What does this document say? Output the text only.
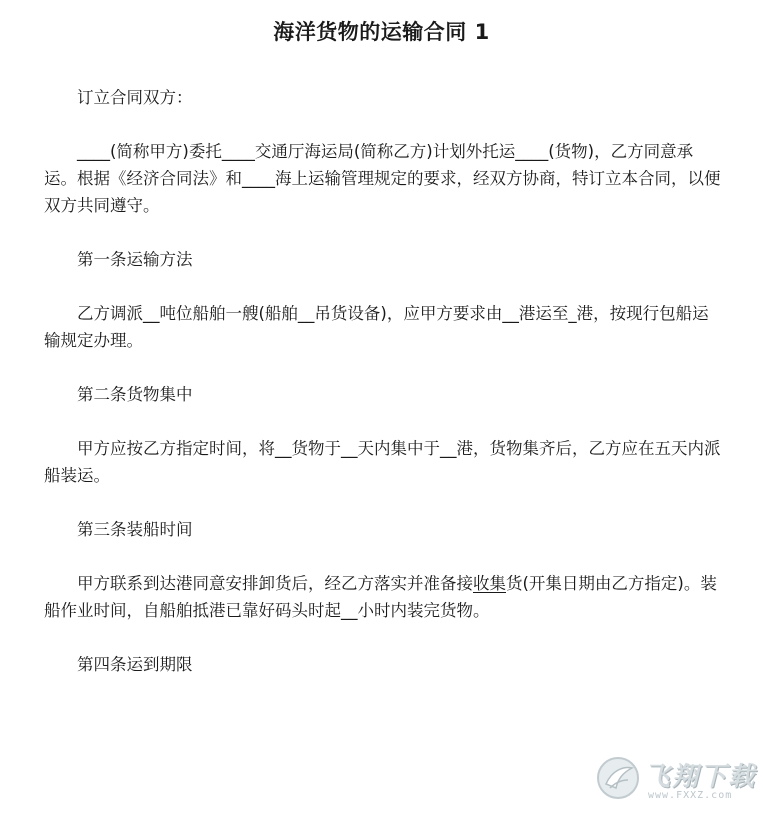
海洋货物的运输合同 1

订立合同双方：

____(简称甲方)委托____交通厅海运局(简称乙方)计划外托运____(货物)，乙方同意承运。根据《经济合同法》和____海上运输管理规定的要求，经双方协商，特订立本合同，以便双方共同遵守。

第一条运输方法

乙方调派__吨位船舶一艘(船舶__吊货设备)，应甲方要求由__港运至_港，按现行包船运输规定办理。

第二条货物集中

甲方应按乙方指定时间，将__货物于__天内集中于__港，货物集齐后，乙方应在五天内派船装运。

第三条装船时间

甲方联系到达港同意安排卸货后，经乙方落实并准备接收集货(开集日期由乙方指定)。装船作业时间，自船舶抵港已靠好码头时起__小时内装完货物。

第四条运到期限

飞翔下载
www.FXXZ.com
